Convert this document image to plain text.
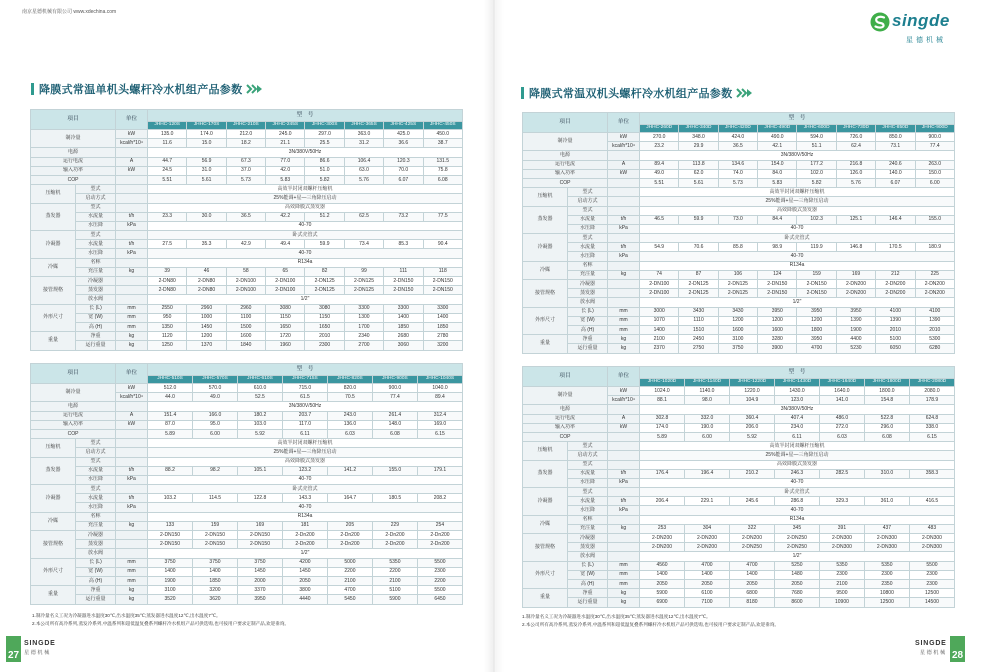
南京星德机械有限公司 www.xdechina.com	singde
星德机械
降膜式常温单机头螺杆冷水机组产品参数	降膜式常温双机头螺杆冷水机组产品参数
项目		单位	型　号							
			JHHC-120S	JHHC-170S	JHHC-210S	JHHC-245S	JHHC-300S	JHHC-365S	JHHC-425S	JHHC-450S
制冷量		kW	135.0	174.0	212.0	245.0	297.0	363.0	425.0	450.0
		kcal/h*10⁴	11.6	15.0	18.2	21.1	25.5	31.2	36.6	38.7
电源			3N/380V/50Hz							
运行电流		A	44.7	56.9	67.3	77.0	86.6	106.4	120.3	131.5
输入功率		kW	24.5	31.0	37.0	42.0	51.0	63.0	70.0	75.8
COP			5.51	5.61	5.73	5.83	5.82	5.76	6.07	6.08
压缩机	型式		高效半封闭双螺杆压缩机							
	启动方式		25%能调+星—三角降压启动							
蒸发器	型式		高效降膜式蒸发器							
	水流量	t/h	23.3	30.0	36.5	42.2	51.2	62.5	73.2	77.5
	水压降	kPa	40-70							
冷凝器	型式		卧式壳管式							
	水流量	t/h	27.5	35.3	42.9	49.4	59.9	73.4	85.3	90.4
	水压降	kPa	40-70							
冷媒	名称		R134a							
	充注量	kg	39	46	58	65	82	99	111	118
接管规格	冷凝器		2-DN80	2-DN80	2-DN100	2-DN100	2-DN125	2-DN125	2-DN150	2-DN150
	蒸发器		2-DN80	2-DN80	2-DN100	2-DN100	2-DN125	2-DN125	2-DN150	2-DN150
	放水阀		1/2"							
外形尺寸	长 (L)	mm	2550	2960	2960	3080	3080	3300	3300	3300
	宽 (W)	mm	950	1000	1100	1150	1150	1300	1400	1400
	高 (H)	mm	1350	1450	1500	1650	1650	1700	1850	1850
重量	净重	kg	1120	1200	1600	1720	2010	2340	2680	2780
	运行重量	kg	1250	1370	1840	1960	2300	2700	3060	3200
项目		单位	型　号						
			JHHC-510S	JHHC-570S	JHHC-610S	JHHC-715S	JHHC-820S	JHHC-900S	JHHC-1040S
制冷量		kW	512.0	570.0	610.0	715.0	820.0	900.0	1040.0
		kcal/h*10⁴	44.0	49.0	52.5	61.5	70.5	77.4	89.4
电源			3N/380V/50Hz						
运行电流		A	151.4	166.0	180.2	203.7	243.0	261.4	312.4
输入功率		kW	87.0	95.0	103.0	117.0	136.0	148.0	169.0
COP			5.89	6.00	5.92	6.11	6.03	6.08	6.15
压缩机	型式		高效半封闭双螺杆压缩机						
	启动方式		25%能调+星—三角降压启动						
蒸发器	型式		高效降膜式蒸发器						
	水流量	t/h	88.2	98.2	105.1	123.2	141.2	155.0	179.1
	水压降	kPa	40-70						
冷凝器	型式		卧式壳管式						
	水流量	t/h	103.2	114.5	122.8	143.3	164.7	180.5	208.2
	水压降	kPa	40-70						
冷媒	名称		R134a						
	充注量	kg	133	159	169	181	205	229	254
接管规格	冷凝器		2-DN150	2-DN150	2-DN150	2-Dn200	2-Dn200	2-Dn200	2-Dn200
	蒸发器		2-DN150	2-DN150	2-DN150	2-Dn200	2-Dn200	2-Dn200	2-Dn200
	放水阀		1/2"						
外形尺寸	长 (L)	mm	3750	3750	3750	4200	5000	5350	5500
	宽 (W)	mm	1400	1400	1450	1450	2200	2200	2300
	高 (H)	mm	1900	1850	2000	2050	2100	2100	2200
重量	净重	kg	3100	3200	3370	3800	4700	5100	5500
	运行重量	kg	3520	3620	3950	4440	5450	5900	6450
项目		单位	型　号							
			JHHC-260D	JHHC-340D	JHHC-420D	JHHC-490D	JHHC-600D	JHHC-730D	JHHC-850D	JHHC-900D
制冷量		kW	270.0	348.0	424.0	490.0	594.0	726.0	850.0	900.0
		kcal/h*10⁴	23.2	29.9	36.5	42.1	51.1	62.4	73.1	77.4
电源			3N/380V/50Hz							
运行电流		A	89.4	113.8	134.6	154.0	177.2	216.8	240.6	263.0
输入功率		kW	49.0	62.0	74.0	84.0	102.0	126.0	140.0	150.0
COP			5.51	5.61	5.73	5.83	5.82	5.76	6.07	6.00
压缩机	型式		高效半封闭双螺杆压缩机							
	启动方式		25%能调+星—三角降压启动							
蒸发器	型式		高效降膜式蒸发器							
	水流量	t/h	46.5	59.9	73.0	84.4	102.3	125.1	146.4	155.0
	水压降	kPa	40-70							
冷凝器	型式		卧式壳管式							
	水流量	t/h	54.9	70.6	85.8	98.9	119.9	146.8	170.5	180.9
	水压降	kPa	40-70							
冷媒	名称		R134a							
	充注量	kg	74	87	106	124	159	169	212	225
接管规格	冷凝器		2-DN100	2-DN125	2-DN125	2-DN150	2-DN150	2-DN200	2-DN200	2-DN200
	蒸发器		2-DN100	2-DN125	2-DN125	2-DN150	2-DN150	2-DN200	2-DN200	2-DN200
	放水阀		1/2"							
外形尺寸	长 (L)	mm	3000	3430	3430	3950	3950	3950	4100	4100
	宽 (W)	mm	1070	1110	1200	1200	1200	1390	1390	1390
	高 (H)	mm	1400	1510	1600	1600	1800	1900	2010	2010
重量	净重	kg	2100	2450	3100	3280	3950	4400	5100	5300
	运行重量	kg	2370	2750	3750	3900	4700	5230	6050	6280
项目		单位	型　号						
			JHHC-1020D	JHHC-1140D	JHHC-1220D	JHHC-1430D	JHHC-1640D	JHHC-1800D	JHHC-2080D
制冷量		kW	1024.0	1140.0	1220.0	1430.0	1640.0	1800.0	2080.0
		kcal/h*10⁴	88.1	98.0	104.9	123.0	141.0	154.8	178.9
电源			3N/380V/50Hz						
运行电流		A	302.8	332.0	360.4	407.4	486.0	522.8	624.8
输入功率		kW	174.0	190.0	206.0	234.0	272.0	296.0	338.0
COP			5.89	6.00	5.92	6.11	6.03	6.08	6.15
压缩机	型式		高效半封闭双螺杆压缩机						
	启动方式		25%能调+星—三角降压启动						
蒸发器	型式		高效降膜式蒸发器						
	水流量	t/h	176.4	196.4	210.2	246.3	282.5	310.0	358.3
	水压降	kPa	40-70						
冷凝器	型式		卧式壳管式						
	水流量	t/h	206.4	229.1	245.6	286.8	329.3	361.0	416.5
	水压降	kPa	40-70						
冷媒	名称		R134a						
	充注量	kg	253	304	322	345	391	437	483
接管规格	冷凝器		2-DN200	2-DN200	2-DN200	2-DN250	2-DN300	2-DN300	2-DN300
	蒸发器		2-DN200	2-DN200	2-DN250	2-DN250	2-DN300	2-DN300	2-DN300
	放水阀		1/2"						
外形尺寸	长 (L)	mm	4560	4700	4700	5250	5350	5350	5500
	宽 (W)	mm	1400	1400	1400	1480	2300	2300	2300
	高 (H)	mm	2050	2050	2050	2050	2100	2350	2300
重量	净重	kg	5900	6100	6800	7680	9500	10800	12500
	运行重量	kg	6900	7100	8180	8600	10900	12500	14500
1.制冷量名义工况为冷凝器进水温度30℃,出水温度35℃;蒸发器进水温度12℃,出水温度7℃。
2.本公司所有高冷系列,蒸发冷系列,中温系列和超低温复叠系列螺杆冷水机组产品可供选购,也可按用户要求定制产品,欢迎垂询。
1.制冷量名义工况为冷凝器进水温度30℃,出水温度35℃;蒸发器进水温度12℃,出水温度7℃。
2.本公司所有高冷系列,蒸发冷系列,中温系列和超低温复叠系列螺杆冷水机组产品可供选购,也可按用户要求定制产品,欢迎垂询。
27
SINGDE
星德机械
SINGDE
星德机械 28
